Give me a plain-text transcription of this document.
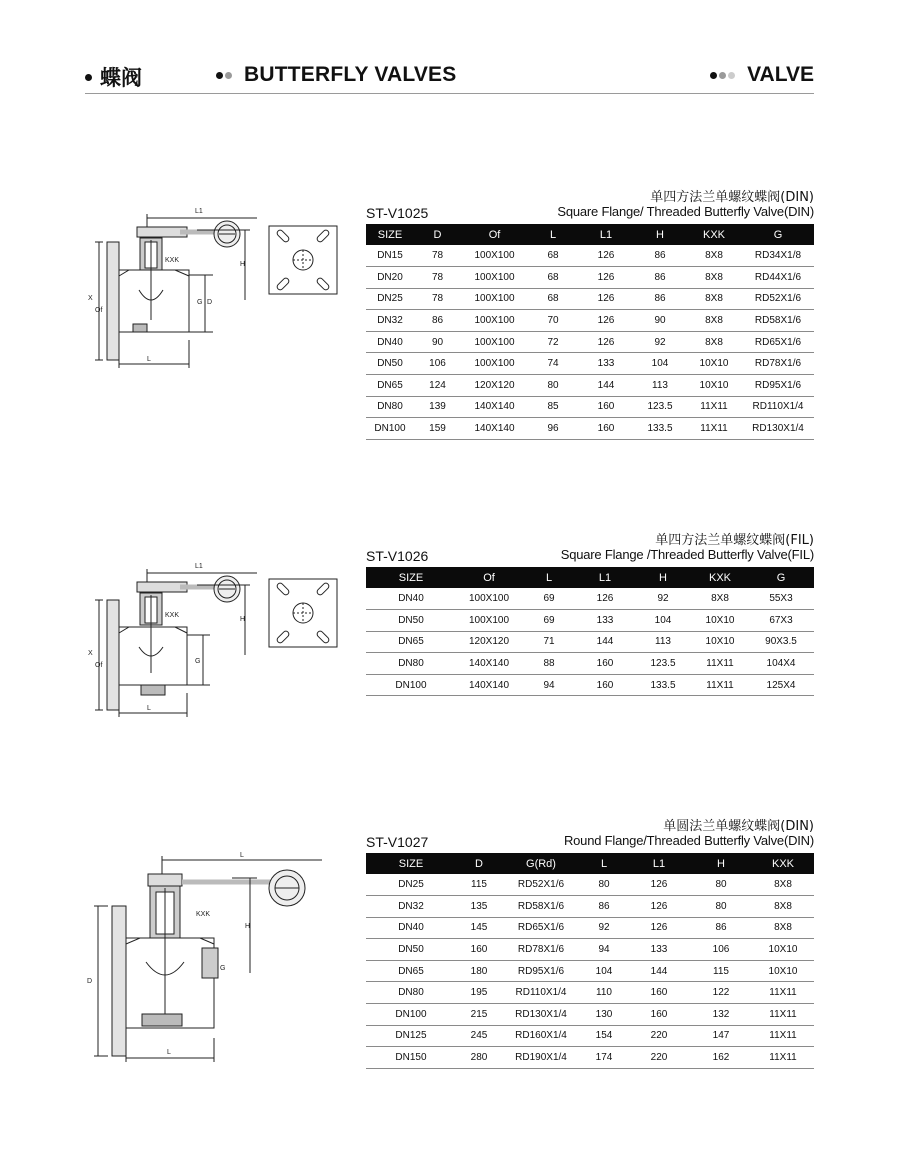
蝶阀	BUTTERFLY VALVES	VALVE
单四方法兰单螺纹蝶阀(DIN)
ST-V1025	Square Flange/ Threaded Butterfly Valve(DIN)
SIZE	D	Of	L	L1	H	KXK	G
DN15	78	100X100	68	126	86	8X8	RD34X1/8
DN20	78	100X100	68	126	86	8X8	RD44X1/6
DN25	78	100X100	68	126	86	8X8	RD52X1/6
DN32	86	100X100	70	126	90	8X8	RD58X1/6
DN40	90	100X100	72	126	92	8X8	RD65X1/6
DN50	106	100X100	74	133	104	10X10	RD78X1/6
DN65	124	120X120	80	144	113	10X10	RD95X1/6
DN80	139	140X140	85	160	123.5	11X11	RD110X1/4
DN100	159	140X140	96	160	133.5	11X11	RD130X1/4
L1
KXK
H
G D
X
Of
L
单四方法兰单螺纹蝶阀(FIL)
ST-V1026	Square Flange /Threaded Butterfly Valve(FIL)
SIZE	Of	L	L1	H	KXK	G
DN40	100X100	69	126	92	8X8	55X3
DN50	100X100	69	133	104	10X10	67X3
DN65	120X120	71	144	113	10X10	90X3.5
DN80	140X140	88	160	123.5	11X11	104X4
DN100	140X140	94	160	133.5	11X11	125X4
L1
KXK
H
G
X
Of
L
单圆法兰单螺纹蝶阀(DIN)
ST-V1027	Round Flange/Threaded Butterfly Valve(DIN)
SIZE	D	G(Rd)	L	L1	H	KXK
DN25	115	RD52X1/6	80	126	80	8X8
DN32	135	RD58X1/6	86	126	80	8X8
DN40	145	RD65X1/6	92	126	86	8X8
DN50	160	RD78X1/6	94	133	106	10X10
DN65	180	RD95X1/6	104	144	115	10X10
DN80	195	RD110X1/4	110	160	122	11X11
DN100	215	RD130X1/4	130	160	132	11X11
DN125	245	RD160X1/4	154	220	147	11X11
DN150	280	RD190X1/4	174	220	162	11X11
L
KXK
H
G
D
L
